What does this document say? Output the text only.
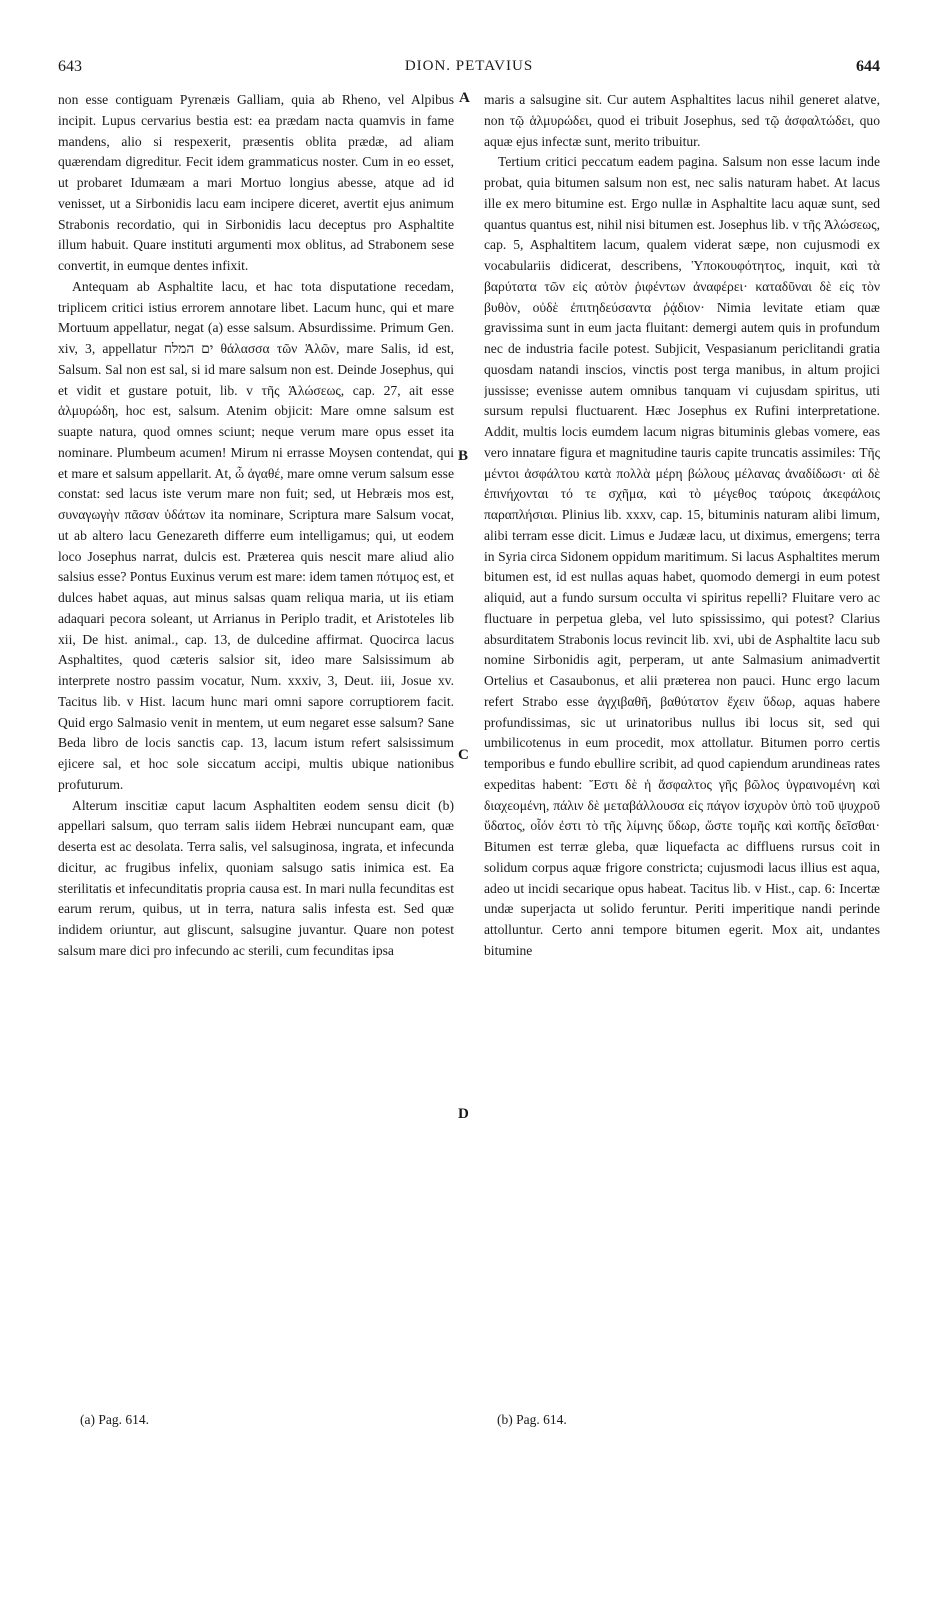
643	DION. PETAVIUS	644

non esse contiguam Pyrenæis Galliam, quia ab Rheno, vel Alpibus incipit. Lupus cervarius bestia est: ea prædam nacta quamvis in fame mandens, alio si respexerit, præsentis oblita prædæ, ad aliam quærendam digreditur. Fecit idem grammaticus noster. Cum in eo esset, ut probaret Idumæam a mari Mortuo longius abesse, atque ad id venisset, ut a Sirbonidis lacu eam incipere diceret, avertit ejus animum Strabonis recordatio, qui in Sirbonidis lacu deceptus pro Asphaltite illum habuit. Quare instituti argumenti mox oblitus, ad Strabonem sese convertit, in eumque dentes infixit.

Antequam ab Asphaltite lacu, et hac tota disputatione recedam, triplicem critici istius errorem annotare libet. Lacum hunc, qui et mare Mortuum appellatur, negat (a) esse salsum. Absurdissime. Primum Gen. xiv, 3, appellatur ים המלח θάλασσα τῶν Ἁλῶν, mare Salis, id est, Salsum. Sal non est sal, si id mare salsum non est. Deinde Josephus, qui et vidit et gustare potuit, lib. v τῆς Ἁλώσεως, cap. 27, ait esse ἁλμυρώδη, hoc est, salsum. Atenim objicit: Mare omne salsum est suapte natura, quod omnes sciunt; neque verum mare opus esset ita nominare. Plumbeum acumen! Mirum ni errasse Moysen contendat, qui et mare et salsum appellarit. At, ὦ ἀγαθέ, mare omne verum salsum esse constat: sed lacus iste verum mare non fuit; sed, ut Hebræis mos est, συναγωγὴν πᾶσαν ὑδάτων ita nominare, Scriptura mare Salsum vocat, ut ab altero lacu Genezareth differre eum intelligamus; qui, ut eodem loco Josephus narrat, dulcis est. Præterea quis nescit mare aliud alio salsius esse? Pontus Euxinus verum est mare: idem tamen πότιμος est, et dulces habet aquas, aut minus salsas quam reliqua maria, ut iis etiam adaquari pecora soleant, ut Arrianus in Periplo tradit, et Aristoteles lib xii, De hist. animal., cap. 13, de dulcedine affirmat. Quocirca lacus Asphaltites, quod cæteris salsior sit, ideo mare Salsissimum ab interprete nostro passim vocatur, Num. xxxiv, 3, Deut. iii, Josue xv. Tacitus lib. v Hist. lacum hunc mari omni sapore corruptiorem facit. Quid ergo Salmasio venit in mentem, ut eum negaret esse salsum? Sane Beda libro de locis sanctis cap. 13, lacum istum refert salsissimum ejicere sal, et hoc sole siccatum accipi, multis ubique nationibus profuturum.

Alterum inscitiæ caput lacum Asphaltiten eodem sensu dicit (b) appellari salsum, quo terram salis iidem Hebræi nuncupant eam, quæ deserta est ac desolata. Terra salis, vel salsuginosa, ingrata, et infecunda dicitur, ac frugibus infelix, quoniam salsugo satis inimica est. Ea sterilitatis et infecunditatis propria causa est. In mari nulla fecunditas est earum rerum, quibus, ut in terra, natura salis infesta est. Sed quæ indidem oriuntur, aut gliscunt, salsugine juvantur. Quare non potest salsum mare dici pro infecundo ac sterili, cum fecunditas ipsa

A
B
C
D

maris a salsugine sit. Cur autem Asphaltites lacus nihil generet alatve, non τῷ ἁλμυρώδει, quod ei tribuit Josephus, sed τῷ ἀσφαλτώδει, quo aquæ ejus infectæ sunt, merito tribuitur.

Tertium critici peccatum eadem pagina. Salsum non esse lacum inde probat, quia bitumen salsum non est, nec salis naturam habet. At lacus ille ex mero bitumine est. Ergo nullæ in Asphaltite lacu aquæ sunt, sed quantus quantus est, nihil nisi bitumen est. Josephus lib. v τῆς Ἁλώσεως, cap. 5, Asphaltitem lacum, qualem viderat sæpe, non cujusmodi ex vocabulariis didicerat, describens, Ὑποκουφότητος, inquit, καὶ τὰ βαρύτατα τῶν εἰς αὐτὸν ῥιφέντων ἀναφέρει· καταδῦναι δὲ εἰς τὸν βυθὸν, οὐδὲ ἐπιτηδεύσαντα ῥᾴδιον· Nimia levitate etiam quæ gravissima sunt in eum jacta fluitant: demergi autem quis in profundum nec de industria facile potest. Subjicit, Vespasianum periclitandi gratia quosdam natandi inscios, vinctis post terga manibus, in altum projici jussisse; evenisse autem omnibus tanquam vi cujusdam spiritus, uti sursum repulsi fluctuarent. Hæc Josephus ex Rufini interpretatione. Addit, multis locis eumdem lacum nigras bituminis glebas vomere, eas vero innatare figura et magnitudine tauris capite truncatis assimiles: Τῆς μέντοι ἀσφάλτου κατὰ πολλὰ μέρη βώλους μέλανας ἀναδίδωσι· αἱ δὲ ἐπινήχονται τό τε σχῆμα, καὶ τὸ μέγεθος ταύροις ἀκεφάλοις παραπλήσιαι. Plinius lib. xxxv, cap. 15, bituminis naturam alibi limum, alibi terram esse dicit. Limus e Judææ lacu, ut diximus, emergens; terra in Syria circa Sidonem oppidum maritimum. Si lacus Asphaltites merum bitumen est, id est nullas aquas habet, quomodo demergi in eum potest aliquid, aut a fundo sursum occulta vi spiritus repelli? Fluitare vero ac fluctuare in perpetua gleba, vel luto spississimo, qui potest? Clarius absurditatem Strabonis locus revincit lib. xvi, ubi de Asphaltite lacu sub nomine Sirbonidis agit, perperam, ut ante Salmasium animadvertit Ortelius et Casaubonus, et alii præterea non pauci. Hunc ergo lacum refert Strabo esse ἀγχιβαθῆ, βαθύτατον ἔχειν ὕδωρ, aquas habere profundissimas, sic ut urinatoribus nullus ibi locus sit, sed qui umbilicotenus in eum procedit, mox attollatur. Bitumen porro certis temporibus e fundo ebullire scribit, ad quod capiendum arundineas rates expeditas habent: Ἔστι δὲ ἡ ἄσφαλτος γῆς βῶλος ὑγραινομένη καὶ διαχεομένη, πάλιν δὲ μεταβάλλουσα εἰς πάγον ἰσχυρὸν ὑπὸ τοῦ ψυχροῦ ὕδατος, οἷόν ἐστι τὸ τῆς λίμνης ὕδωρ, ὥστε τομῆς καὶ κοπῆς δεῖσθαι· Bitumen est terræ gleba, quæ liquefacta ac diffluens rursus coit in solidum corpus aquæ frigore constricta; cujusmodi lacus illius est aqua, adeo ut incidi secarique opus habeat. Tacitus lib. v Hist., cap. 6: Incertæ undæ superjacta ut solido feruntur. Periti imperitique nandi perinde attolluntur. Certo anni tempore bitumen egerit. Mox ait, undantes bitumine

(a) Pag. 614.	(b) Pag. 614.
